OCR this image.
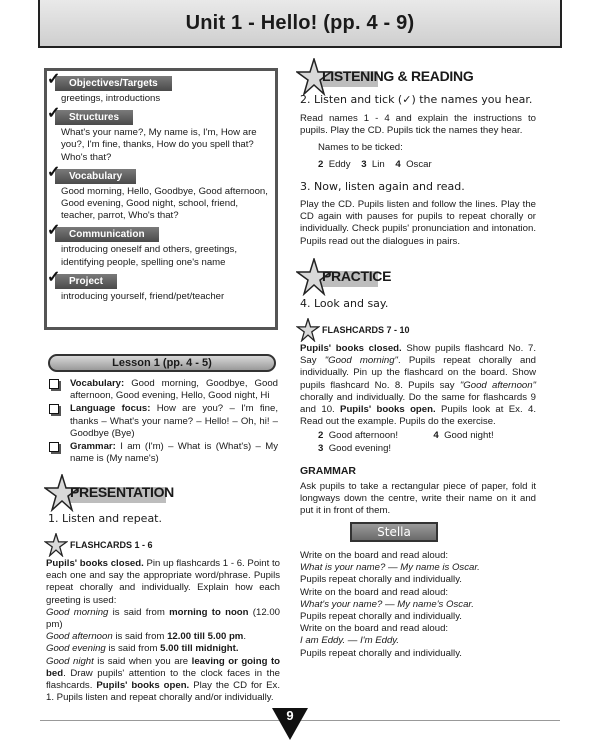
Unit 1 - Hello! (pp. 4 - 9)
✓ Objectives/Targets
greetings, introductions
✓ Structures
What's your name?, My name is, I'm, How are you?, I'm fine, thanks, How do you spell that? Who's that?
✓ Vocabulary
Good morning, Hello, Goodbye, Good afternoon, Good evening, Good night, school, friend, teacher, parrot, Who's that?
✓ Communication
introducing oneself and others, greetings, identifying people, spelling one's name
✓ Project
introducing yourself, friend/pet/teacher
Lesson 1 (pp. 4 - 5)
Vocabulary: Good morning, Goodbye, Good afternoon, Good evening, Hello, Good night, Hi
Language focus: How are you? – I'm fine, thanks – What's your name? – Hello! – Oh, hi! – Goodbye (Bye)
Grammar: I am (I'm) – What is (What's) – My name is (My name's)
PRESENTATION
1. Listen and repeat.
FLASHCARDS 1 - 6
Pupils' books closed. Pin up flashcards 1 - 6. Point to each one and say the appropriate word/phrase. Pupils repeat chorally and individually. Explain how each greeting is used:
Good morning is said from morning to noon (12.00 pm)
Good afternoon is said from 12.00 till 5.00 pm.
Good evening is said from 5.00 till midnight.
Good night is said when you are leaving or going to bed. Draw pupils' attention to the clock faces in the flashcards. Pupils' books open. Play the CD for Ex. 1. Pupils listen and repeat chorally and/or individually.
LISTENING & READING
2. Listen and tick (✓) the names you hear.
Read names 1 - 4 and explain the instructions to pupils. Play the CD. Pupils tick the names they hear.
Names to be ticked:
2 Eddy 3 Lin 4 Oscar
3. Now, listen again and read.
Play the CD. Pupils listen and follow the lines. Play the CD again with pauses for pupils to repeat chorally or individually. Check pupils' pronunciation and intonation. Pupils read out the dialogues in pairs.
PRACTICE
4. Look and say.
FLASHCARDS 7 - 10
Pupils' books closed. Show pupils flashcard No. 7. Say "Good morning". Pupils repeat chorally and individually. Pin up the flashcard on the board. Show pupils flashcard No. 8. Pupils say "Good afternoon" chorally and individually. Do the same for flashcards 9 and 10. Pupils' books open. Pupils look at Ex. 4. Read out the example. Pupils do the exercise.
2 Good afternoon!	4 Good night!
3 Good evening!
GRAMMAR
Ask pupils to take a rectangular piece of paper, fold it longways down the centre, write their name on it and put it in front of them.
Stella
Write on the board and read aloud:
What is your name? — My name is Oscar.
Pupils repeat chorally and individually.
Write on the board and read aloud:
What's your name? — My name's Oscar.
Pupils repeat chorally and individually.
Write on the board and read aloud:
I am Eddy. — I'm Eddy.
Pupils repeat chorally and individually.
9
